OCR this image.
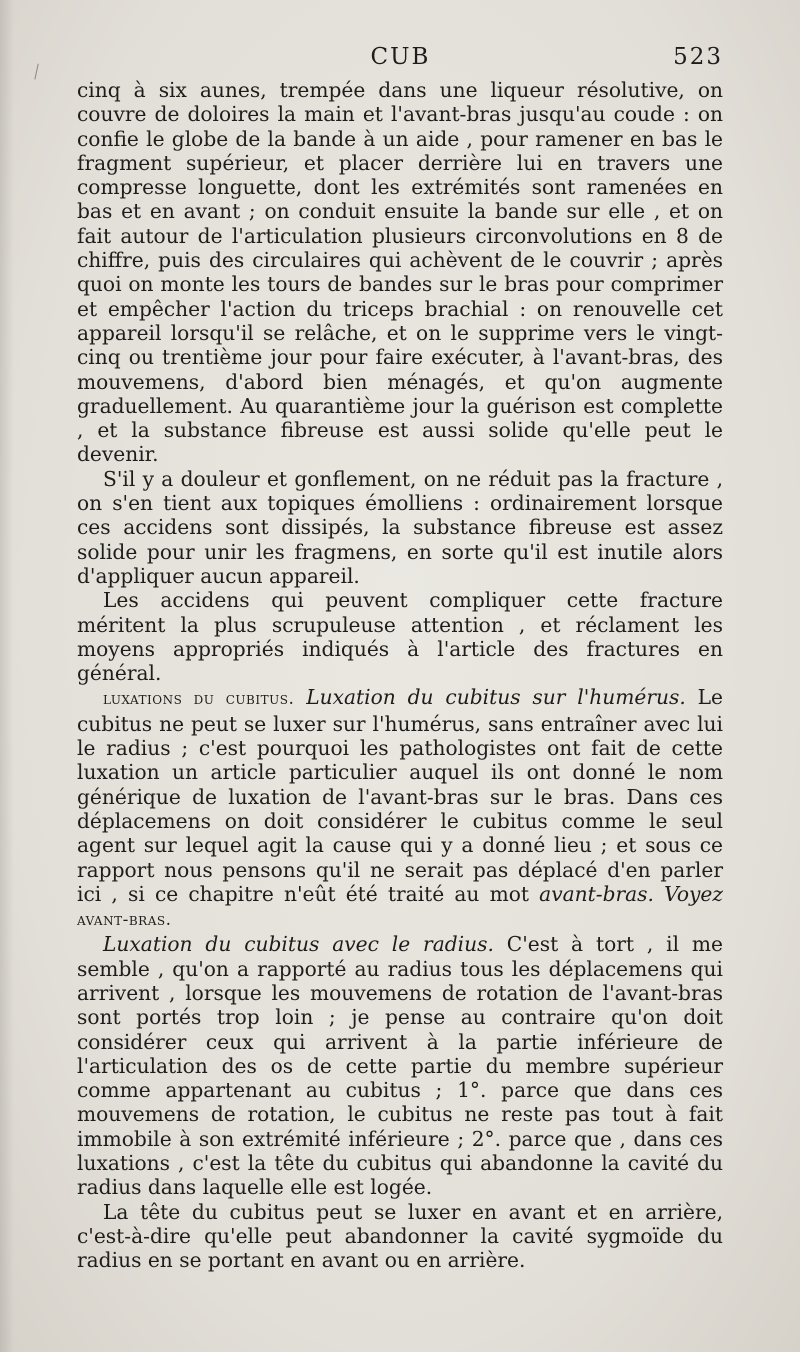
CUB	523

cinq à six aunes, trempée dans une liqueur résolutive, on couvre de doloires la main et l'avant-bras jusqu'au coude : on confie le globe de la bande à un aide , pour ramener en bas le fragment supérieur, et placer derrière lui en travers une compresse longuette, dont les extrémités sont ramenées en bas et en avant ; on conduit ensuite la bande sur elle , et on fait autour de l'articulation plusieurs circonvolutions en 8 de chiffre, puis des circulaires qui achèvent de le couvrir ; après quoi on monte les tours de bandes sur le bras pour comprimer et empêcher l'action du triceps brachial : on renouvelle cet appareil lorsqu'il se relâche, et on le supprime vers le vingt-cinq ou trentième jour pour faire exécuter, à l'avant-bras, des mouvemens, d'abord bien ménagés, et qu'on augmente graduellement. Au quarantième jour la guérison est complette , et la substance fibreuse est aussi solide qu'elle peut le devenir.

S'il y a douleur et gonflement, on ne réduit pas la fracture , on s'en tient aux topiques émolliens : ordinairement lorsque ces accidens sont dissipés, la substance fibreuse est assez solide pour unir les fragmens, en sorte qu'il est inutile alors d'appliquer aucun appareil.

Les accidens qui peuvent compliquer cette fracture méritent la plus scrupuleuse attention , et réclament les moyens appropriés indiqués à l'article des fractures en général.

luxations du cubitus. Luxation du cubitus sur l'humérus. Le cubitus ne peut se luxer sur l'humérus, sans entraîner avec lui le radius ; c'est pourquoi les pathologistes ont fait de cette luxation un article particulier auquel ils ont donné le nom générique de luxation de l'avant-bras sur le bras. Dans ces déplacemens on doit considérer le cubitus comme le seul agent sur lequel agit la cause qui y a donné lieu ; et sous ce rapport nous pensons qu'il ne serait pas déplacé d'en parler ici , si ce chapitre n'eût été traité au mot avant-bras. Voyez avant-bras.

Luxation du cubitus avec le radius. C'est à tort , il me semble , qu'on a rapporté au radius tous les déplacemens qui arrivent , lorsque les mouvemens de rotation de l'avant-bras sont portés trop loin ; je pense au contraire qu'on doit considérer ceux qui arrivent à la partie inférieure de l'articulation des os de cette partie du membre supérieur comme appartenant au cubitus ; 1°. parce que dans ces mouvemens de rotation, le cubitus ne reste pas tout à fait immobile à son extrémité inférieure ; 2°. parce que , dans ces luxations , c'est la tête du cubitus qui abandonne la cavité du radius dans laquelle elle est logée.

La tête du cubitus peut se luxer en avant et en arrière, c'est-à-dire qu'elle peut abandonner la cavité sygmoïde du radius en se portant en avant ou en arrière.
